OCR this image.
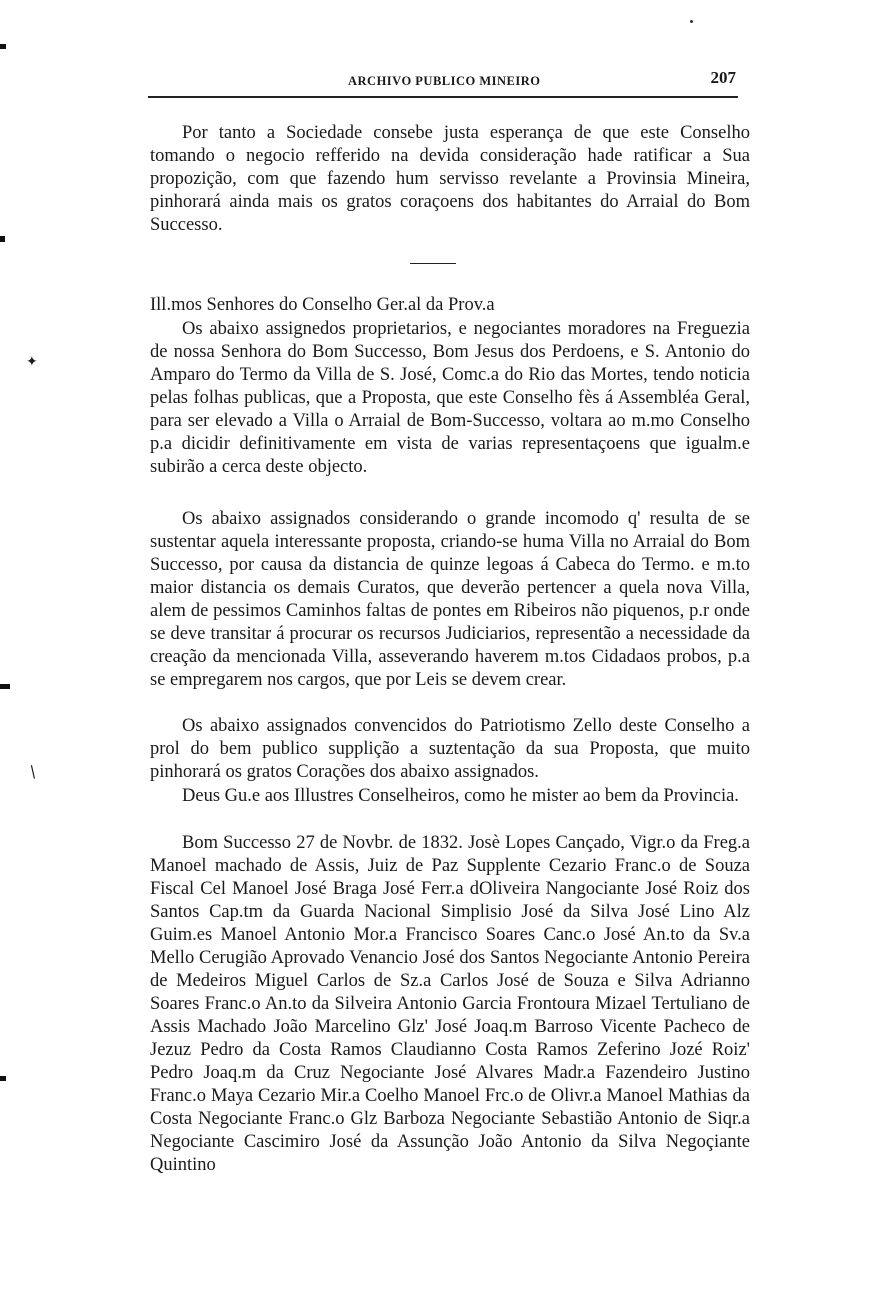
✦
/
ARCHIVO PUBLICO MINEIRO	207

Por tanto a Sociedade consebe justa esperança de que este Conselho tomando o negocio refferido na devida consideração hade ratificar a Sua propozição, com que fazendo hum servisso revelante a Provinsia Mineira, pinhorará ainda mais os gratos coraçoens dos habitantes do Arraial do Bom Successo.

Ill.mos Senhores do Conselho Ger.al da Prov.a

Os abaixo assignedos proprietarios, e negociantes moradores na Freguezia de nossa Senhora do Bom Successo, Bom Jesus dos Perdoens, e S. Antonio do Amparo do Termo da Villa de S. José, Comc.a do Rio das Mortes, tendo noticia pelas folhas publicas, que a Proposta, que este Conselho fès á Assembléa Geral, para ser elevado a Villa o Arraial de Bom-Successo, voltara ao m.mo Conselho p.a dicidir definitivamente em vista de varias representaçoens que igualm.e subirão a cerca deste objecto.

Os abaixo assignados considerando o grande incomodo q' resulta de se sustentar aquela interessante proposta, criando-se huma Villa no Arraial do Bom Successo, por causa da distancia de quinze legoas á Cabeca do Termo. e m.to maior distancia os demais Curatos, que deverão pertencer a quela nova Villa, alem de pessimos Caminhos faltas de pontes em Ribeiros não piquenos, p.r onde se deve transitar á procurar os recursos Judiciarios, representão a necessidade da creação da mencionada Villa, asseverando haverem m.tos Cidadaos probos, p.a se empregarem nos cargos, que por Leis se devem crear.

Os abaixo assignados convencidos do Patriotismo Zello deste Conselho a prol do bem publico supplição a suztentação da sua Proposta, que muito pinhorará os gratos Corações dos abaixo assignados.

Deus Gu.e aos Illustres Conselheiros, como he mister ao bem da Provincia.

Bom Successo 27 de Novbr. de 1832. Josè Lopes Cançado, Vigr.o da Freg.a Manoel machado de Assis, Juiz de Paz Supplente Cezario Franc.o de Souza Fiscal Cel Manoel José Braga José Ferr.a dOliveira Nangociante José Roiz dos Santos Cap.tm da Guarda Nacional Simplisio José da Silva José Lino Alz Guim.es Manoel Antonio Mor.a Francisco Soares Canc.o José An.to da Sv.a Mello Cerugião Aprovado Venancio José dos Santos Negociante Antonio Pereira de Medeiros Miguel Carlos de Sz.a Carlos José de Souza e Silva Adrianno Soares Franc.o An.to da Silveira Antonio Garcia Frontoura Mizael Tertuliano de Assis Machado João Marcelino Glz' José Joaq.m Barroso Vicente Pacheco de Jezuz Pedro da Costa Ramos Claudianno Costa Ramos Zeferino Jozé Roiz' Pedro Joaq.m da Cruz Negociante José Alvares Madr.a Fazendeiro Justino Franc.o Maya Cezario Mir.a Coelho Manoel Frc.o de Olivr.a Manoel Mathias da Costa Negociante Franc.o Glz Barboza Negociante Sebastião Antonio de Siqr.a Negociante Cascimiro José da Assunção João Antonio da Silva Negoçiante Quintino
